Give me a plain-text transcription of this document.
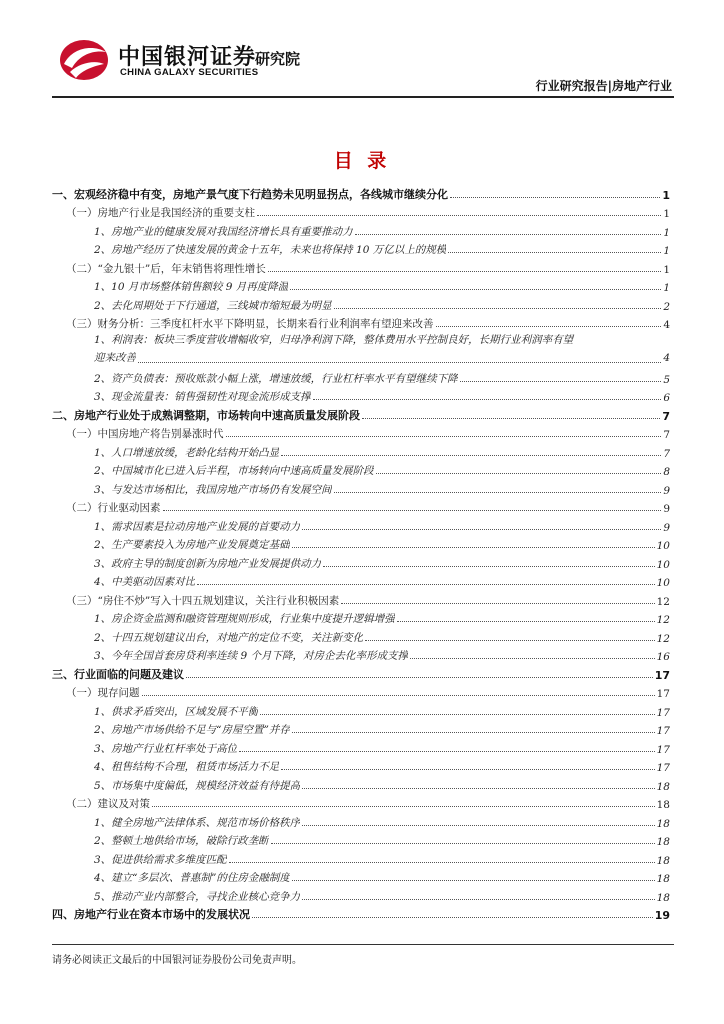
中国银河证券
CHINA GALAXY SECURITIES
研究院
行业研究报告|房地产行业
目 录
一、宏观经济稳中有变，房地产景气度下行趋势未见明显拐点，各线城市继续分化	1
（一）房地产行业是我国经济的重要支柱	1
1、房地产业的健康发展对我国经济增长具有重要推动力	1
2、房地产经历了快速发展的黄金十五年，未来也将保持 10 万亿以上的规模	1
（二）“金九银十”后，年末销售将理性增长	1
1、10 月市场整体销售额较 9 月再度降温	1
2、去化周期处于下行通道，三线城市缩短最为明显	2
（三）财务分析：三季度杠杆水平下降明显，长期来看行业利润率有望迎来改善	4
1、利润表：板块三季度营收增幅收窄，归母净利润下降，整体费用水平控制良好，长期行业利润率有望
迎来改善	4
2、资产负债表：预收账款小幅上涨，增速放缓，行业杠杆率水平有望继续下降	5
3、现金流量表：销售强韧性对现金流形成支撑	6
二、房地产行业处于成熟调整期，市场转向中速高质量发展阶段	7
（一）中国房地产将告别暴涨时代	7
1、人口增速放缓，老龄化结构开始凸显	7
2、中国城市化已进入后半程，市场转向中速高质量发展阶段	8
3、与发达市场相比，我国房地产市场仍有发展空间	9
（二）行业驱动因素	9
1、需求因素是拉动房地产业发展的首要动力	9
2、生产要素投入为房地产业发展奠定基础	10
3、政府主导的制度创新为房地产业发展提供动力	10
4、中美驱动因素对比	10
（三）“房住不炒”写入十四五规划建议，关注行业积极因素	12
1、房企资金监测和融资管理规则形成，行业集中度提升逻辑增强	12
2、十四五规划建议出台，对地产的定位不变，关注新变化	12
3、今年全国首套房贷利率连续 9 个月下降，对房企去化率形成支撑	16
三、行业面临的问题及建议	17
（一）现存问题	17
1、供求矛盾突出，区域发展不平衡	17
2、房地产市场供给不足与“房屋空置”并存	17
3、房地产行业杠杆率处于高位	17
4、租售结构不合理，租赁市场活力不足	17
5、市场集中度偏低，规模经济效益有待提高	18
（二）建议及对策	18
1、健全房地产法律体系、规范市场价格秩序	18
2、整顿土地供给市场，破除行政垄断	18
3、促进供给需求多维度匹配	18
4、建立“多层次、普惠制”的住房金融制度	18
5、推动产业内部整合，寻找企业核心竞争力	18
四、房地产行业在资本市场中的发展状况	19
请务必阅读正文最后的中国银河证券股份公司免责声明。
